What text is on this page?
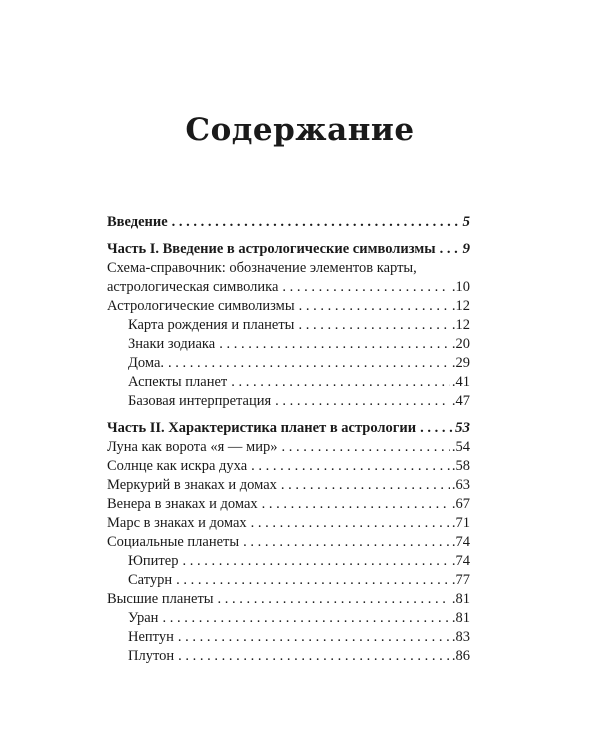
Содержание
Введение . . .	5
Часть I. Введение в астрологические символизмы . . . 9
Схема-справочник: обозначение элементов карты,
астрологическая символика . . .	.10
Астрологические символизмы . . .	.12
Карта рождения и планеты . . .	.12
Знаки зодиака . . .	.20
Дома. . . .	.29
Аспекты планет . . .	.41
Базовая интерпретация . . .	.47
Часть II. Характеристика планет в астрологии . . .	53
Луна как ворота «я — мир» . . .	.54
Солнце как искра духа . . .	.58
Меркурий в знаках и домах . . .	.63
Венера в знаках и домах . . .	.67
Марс в знаках и домах . . .	.71
Социальные планеты . . .	.74
Юпитер . . .	.74
Сатурн . . .	.77
Высшие планеты . . .	.81
Уран . . .	.81
Нептун . . .	.83
Плутон . . .	.86
